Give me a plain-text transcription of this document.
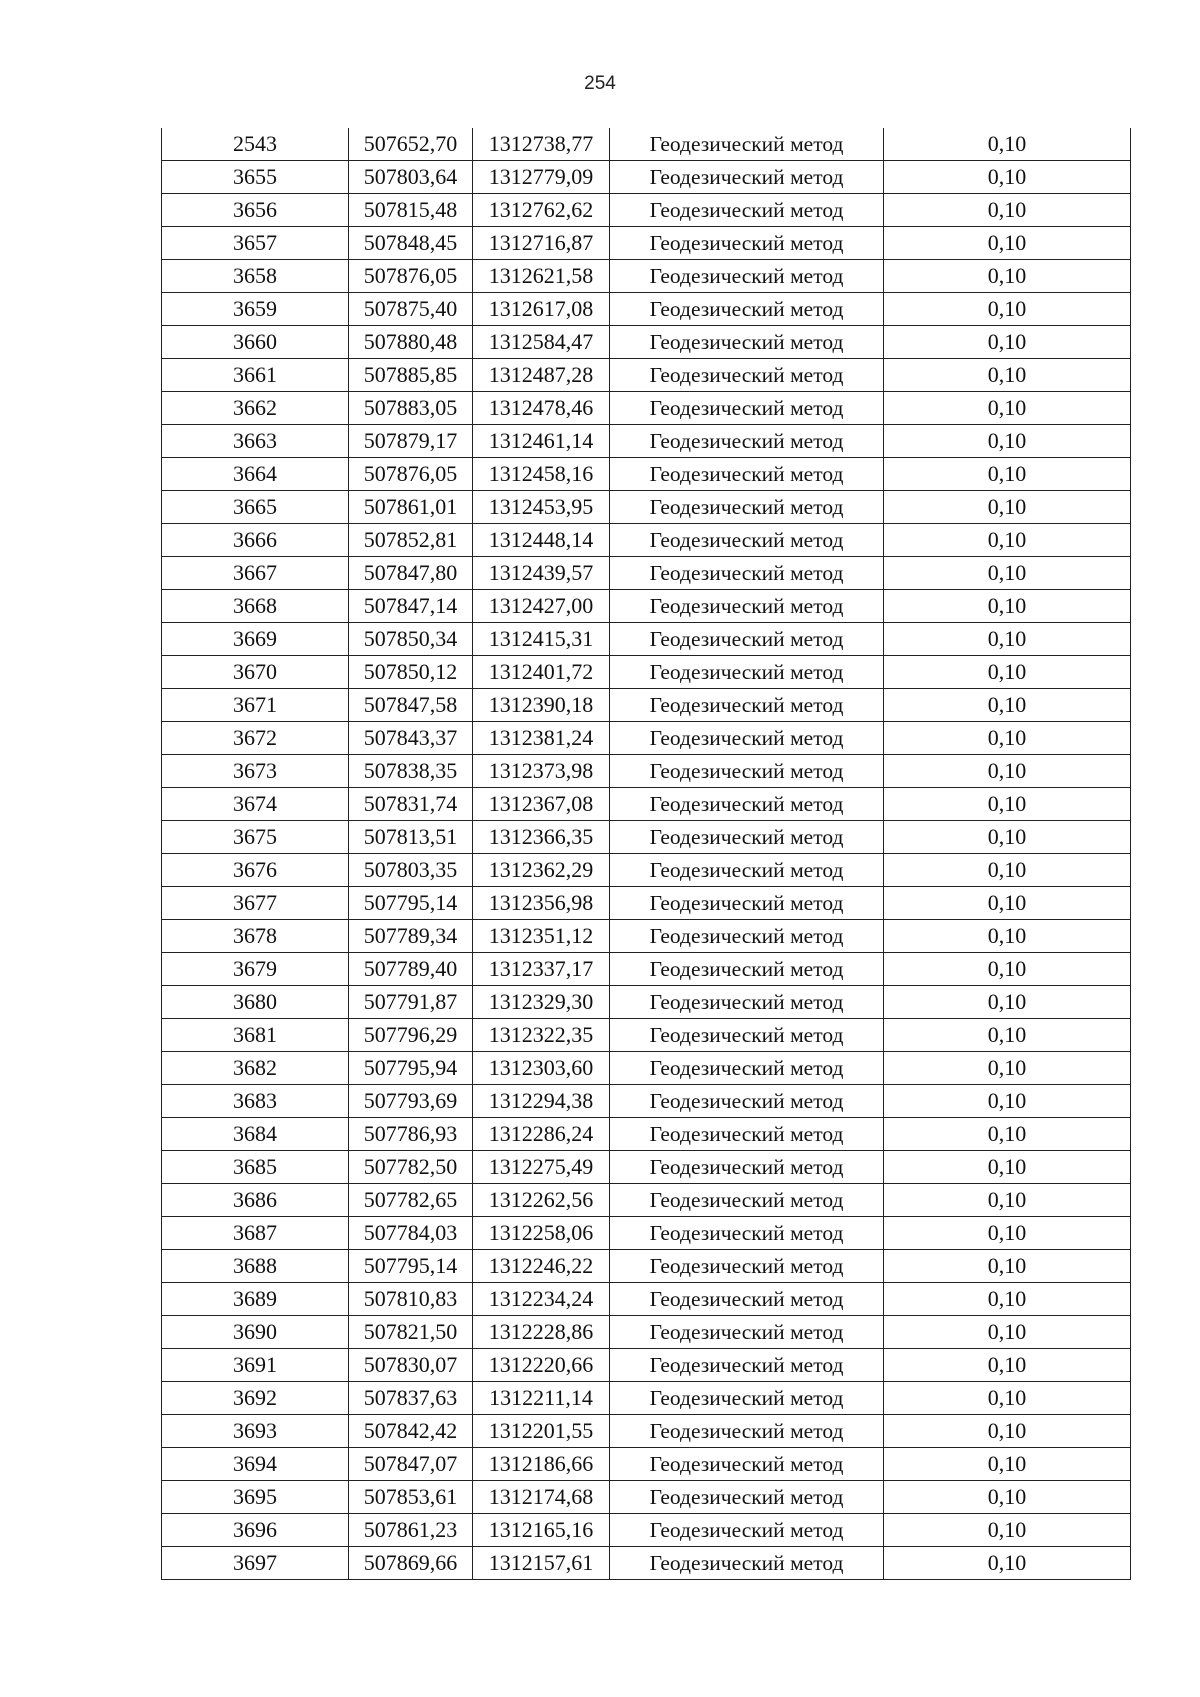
254
2543	507652,70	1312738,77	Геодезический метод	0,10
3655	507803,64	1312779,09	Геодезический метод	0,10
3656	507815,48	1312762,62	Геодезический метод	0,10
3657	507848,45	1312716,87	Геодезический метод	0,10
3658	507876,05	1312621,58	Геодезический метод	0,10
3659	507875,40	1312617,08	Геодезический метод	0,10
3660	507880,48	1312584,47	Геодезический метод	0,10
3661	507885,85	1312487,28	Геодезический метод	0,10
3662	507883,05	1312478,46	Геодезический метод	0,10
3663	507879,17	1312461,14	Геодезический метод	0,10
3664	507876,05	1312458,16	Геодезический метод	0,10
3665	507861,01	1312453,95	Геодезический метод	0,10
3666	507852,81	1312448,14	Геодезический метод	0,10
3667	507847,80	1312439,57	Геодезический метод	0,10
3668	507847,14	1312427,00	Геодезический метод	0,10
3669	507850,34	1312415,31	Геодезический метод	0,10
3670	507850,12	1312401,72	Геодезический метод	0,10
3671	507847,58	1312390,18	Геодезический метод	0,10
3672	507843,37	1312381,24	Геодезический метод	0,10
3673	507838,35	1312373,98	Геодезический метод	0,10
3674	507831,74	1312367,08	Геодезический метод	0,10
3675	507813,51	1312366,35	Геодезический метод	0,10
3676	507803,35	1312362,29	Геодезический метод	0,10
3677	507795,14	1312356,98	Геодезический метод	0,10
3678	507789,34	1312351,12	Геодезический метод	0,10
3679	507789,40	1312337,17	Геодезический метод	0,10
3680	507791,87	1312329,30	Геодезический метод	0,10
3681	507796,29	1312322,35	Геодезический метод	0,10
3682	507795,94	1312303,60	Геодезический метод	0,10
3683	507793,69	1312294,38	Геодезический метод	0,10
3684	507786,93	1312286,24	Геодезический метод	0,10
3685	507782,50	1312275,49	Геодезический метод	0,10
3686	507782,65	1312262,56	Геодезический метод	0,10
3687	507784,03	1312258,06	Геодезический метод	0,10
3688	507795,14	1312246,22	Геодезический метод	0,10
3689	507810,83	1312234,24	Геодезический метод	0,10
3690	507821,50	1312228,86	Геодезический метод	0,10
3691	507830,07	1312220,66	Геодезический метод	0,10
3692	507837,63	1312211,14	Геодезический метод	0,10
3693	507842,42	1312201,55	Геодезический метод	0,10
3694	507847,07	1312186,66	Геодезический метод	0,10
3695	507853,61	1312174,68	Геодезический метод	0,10
3696	507861,23	1312165,16	Геодезический метод	0,10
3697	507869,66	1312157,61	Геодезический метод	0,10
